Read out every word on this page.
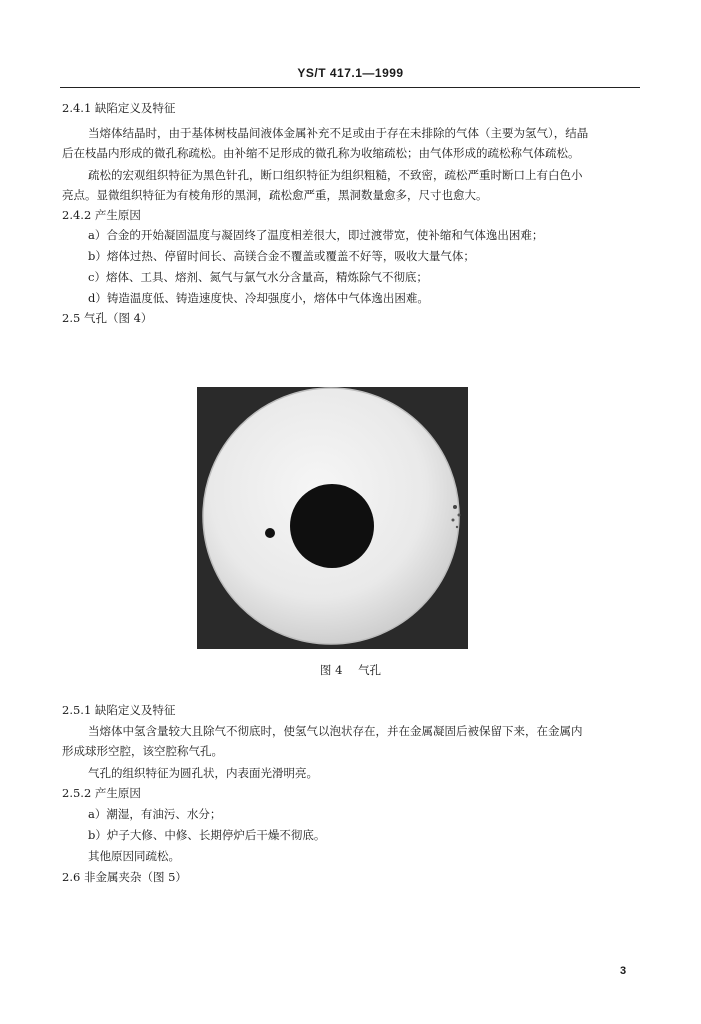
YS/T 417.1—1999
2.4.1 缺陷定义及特征
当熔体结晶时，由于基体树枝晶间液体金属补充不足或由于存在未排除的气体（主要为氢气），结晶
后在枝晶内形成的微孔称疏松。由补缩不足形成的微孔称为收缩疏松；由气体形成的疏松称气体疏松。
疏松的宏观组织特征为黑色针孔，断口组织特征为组织粗糙，不致密，疏松严重时断口上有白色小
亮点。显微组织特征为有棱角形的黑洞，疏松愈严重，黑洞数量愈多，尺寸也愈大。
2.4.2 产生原因
a）合金的开始凝固温度与凝固终了温度相差很大，即过渡带宽，使补缩和气体逸出困难；
b）熔体过热、停留时间长、高镁合金不覆盖或覆盖不好等，吸收大量气体；
c）熔体、工具、熔剂、氮气与氯气水分含量高，精炼除气不彻底；
d）铸造温度低、铸造速度快、冷却强度小，熔体中气体逸出困难。
2.5 气孔（图 4）
图 4 气孔
2.5.1 缺陷定义及特征
当熔体中氢含量较大且除气不彻底时，使氢气以泡状存在，并在金属凝固后被保留下来，在金属内
形成球形空腔，该空腔称气孔。
气孔的组织特征为圆孔状，内表面光滑明亮。
2.5.2 产生原因
a）潮湿，有油污、水分；
b）炉子大修、中修、长期停炉后干燥不彻底。
其他原因同疏松。
2.6 非金属夹杂（图 5）
3
